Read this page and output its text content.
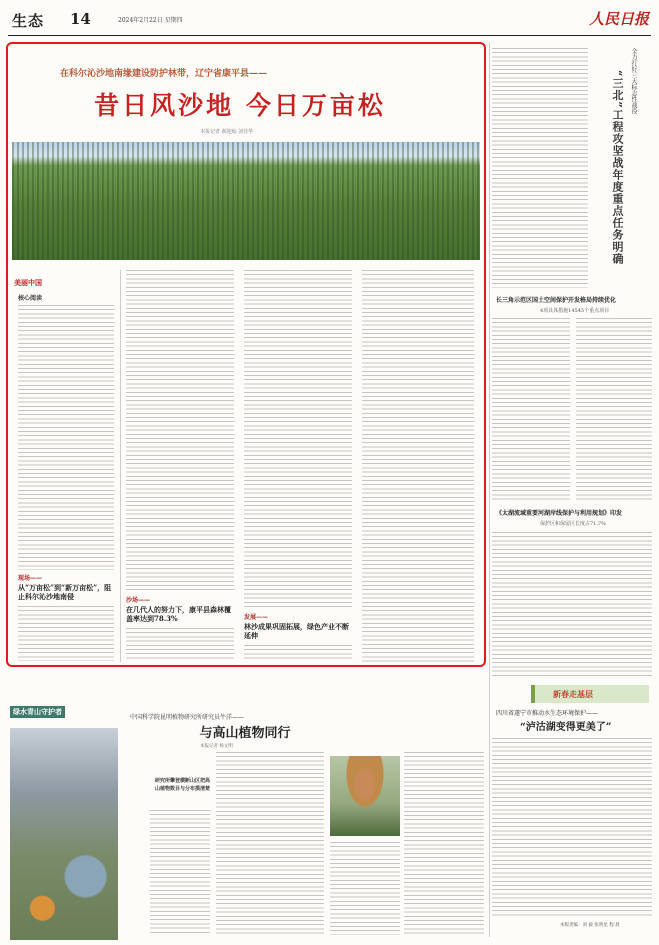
生态 14	2024年2月22日 星期四	人民日报
在科尔沁沙地南缘建设防护林带，辽宁省康平县——
昔日风沙地 今日万亩松
本报记者 郝迎灿 刘佳华
美丽中国
核心阅读
现场——
从“万亩松”到“新万亩松”，阻止科尔沁沙地南侵	沙场——
在几代人的努力下，康平县森林覆盖率达到78.3%	发展——
林沙成果巩固拓展，绿色产业不断延伸
全力打好三大标志性战役
“三北”工程攻坚战年度重点任务明确
长三角示范区国土空间保护开发格局持续优化
4项具体措施14545个重点项目
《太湖流域重要河湖岸线保护与利用规划》印发
保护区和保留区长度占71.7%
新春走基层
四川省遂宁市推动水生态环境保护——
“泸沽湖变得更美了”
本版责编：刘 毅 张明星 程 晨
绿水青山守护者
中国科学院昆明植物研究所研究员牛洋——
与高山植物同行
本报记者 杨文明
研究所攀登横断山区把高山植物数目与分布摸清楚
